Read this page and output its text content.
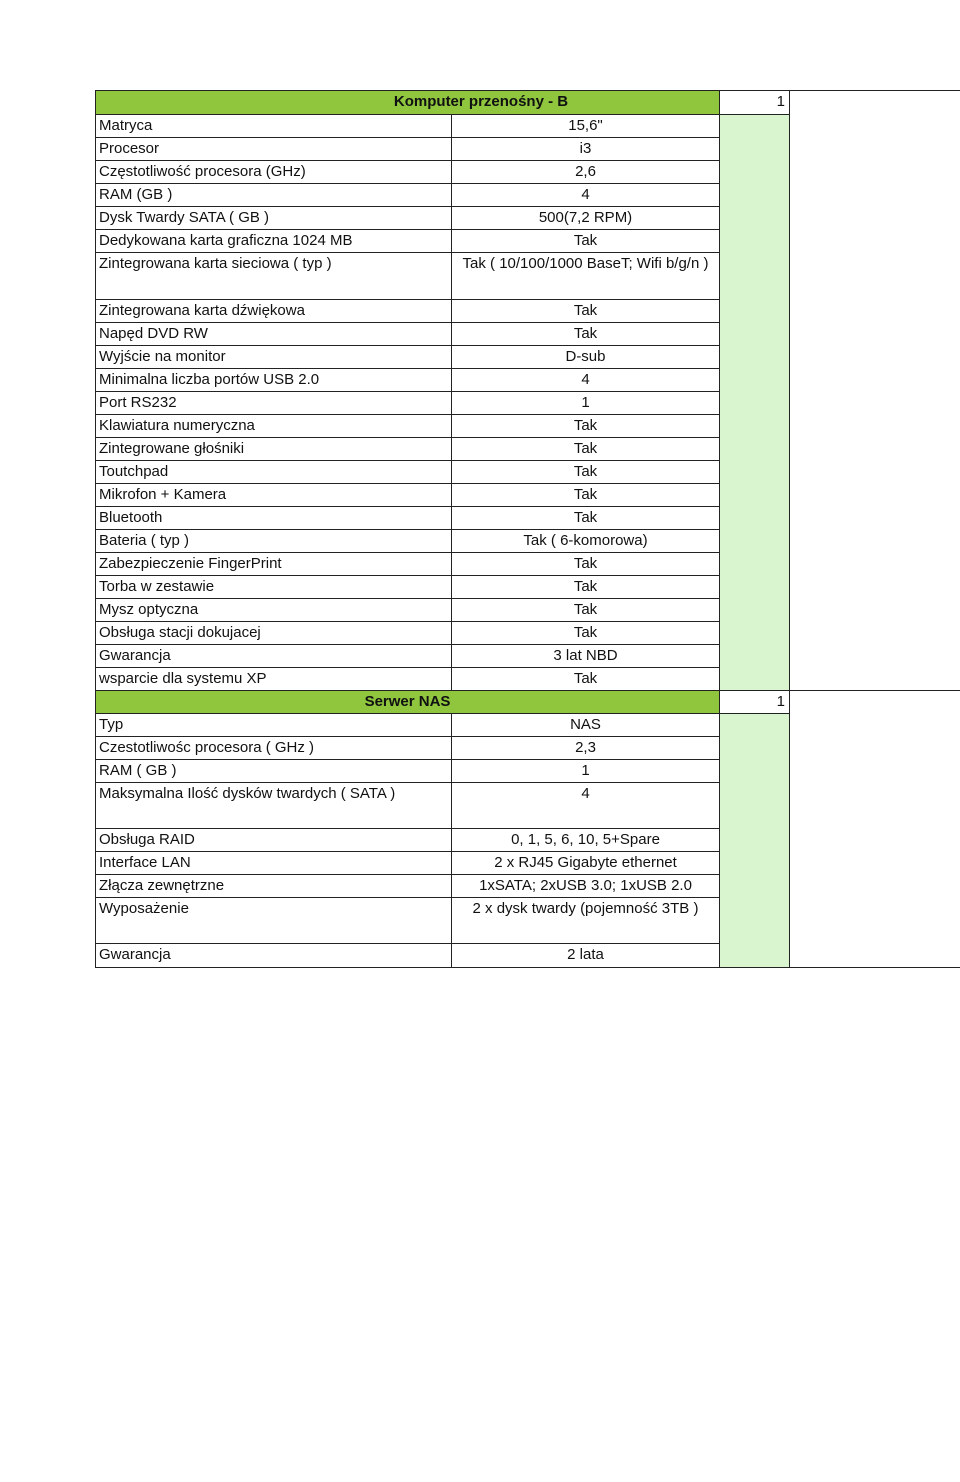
Komputer przenośny - B		1	
Matryca	15,6"		
Procesor	i3		
Częstotliwość procesora (GHz)	2,6		
RAM (GB )	4		
Dysk Twardy SATA ( GB )	500(7,2 RPM)		
Dedykowana karta graficzna 1024 MB	Tak		
Zintegrowana karta sieciowa ( typ )	Tak ( 10/100/1000 BaseT; Wifi b/g/n )		
Zintegrowana karta dźwiękowa	Tak		
Napęd DVD RW	Tak		
Wyjście na monitor	D-sub		
Minimalna liczba portów USB 2.0	4		
Port RS232	1		
Klawiatura numeryczna	Tak		
Zintegrowane głośniki	Tak		
Toutchpad	Tak		
Mikrofon + Kamera	Tak		
Bluetooth	Tak		
Bateria ( typ )	Tak ( 6-komorowa)		
Zabezpieczenie FingerPrint	Tak		
Torba w zestawie	Tak		
Mysz optyczna	Tak		
Obsługa stacji dokujacej	Tak		
Gwarancja	3 lat NBD		
wsparcie dla systemu XP	Tak		
Serwer NAS		1	
Typ	NAS		
Czestotliwośc procesora ( GHz )	2,3		
RAM ( GB )	1		
Maksymalna Ilość dysków twardych ( SATA )	4		
Obsługa RAID	0, 1, 5, 6, 10, 5+Spare		
Interface LAN	2 x RJ45 Gigabyte ethernet		
Złącza zewnętrzne	1xSATA; 2xUSB 3.0; 1xUSB 2.0		
Wyposażenie	2 x dysk twardy (pojemność 3TB )		
Gwarancja	2 lata		
